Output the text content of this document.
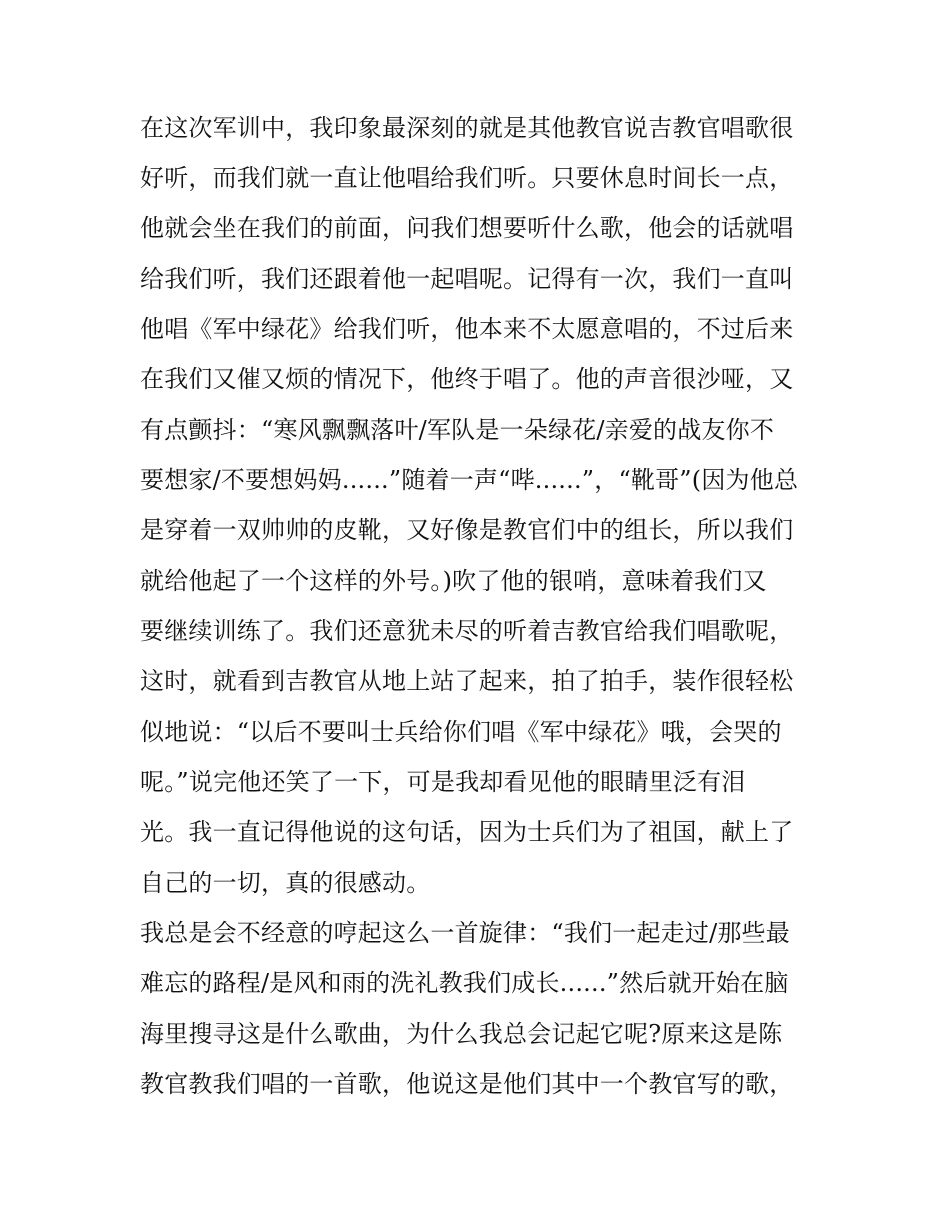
在这次军训中，我印象最深刻的就是其他教官说吉教官唱歌很
好听，而我们就一直让他唱给我们听。只要休息时间长一点，
他就会坐在我们的前面，问我们想要听什么歌，他会的话就唱
给我们听，我们还跟着他一起唱呢。记得有一次，我们一直叫
他唱《军中绿花》给我们听，他本来不太愿意唱的，不过后来
在我们又催又烦的情况下，他终于唱了。他的声音很沙哑，又
有点颤抖：“寒风飘飘落叶/军队是一朵绿花/亲爱的战友你不
要想家/不要想妈妈......”随着一声“哔......”，“靴哥”(因为他总
是穿着一双帅帅的皮靴，又好像是教官们中的组长，所以我们
就给他起了一个这样的外号。)吹了他的银哨，意味着我们又
要继续训练了。我们还意犹未尽的听着吉教官给我们唱歌呢，
这时，就看到吉教官从地上站了起来，拍了拍手，装作很轻松
似地说：“以后不要叫士兵给你们唱《军中绿花》哦，会哭的
呢。”说完他还笑了一下，可是我却看见他的眼睛里泛有泪
光。我一直记得他说的这句话，因为士兵们为了祖国，献上了
自己的一切，真的很感动。
我总是会不经意的哼起这么一首旋律：“我们一起走过/那些最
难忘的路程/是风和雨的洗礼教我们成长......”然后就开始在脑
海里搜寻这是什么歌曲，为什么我总会记起它呢?原来这是陈
教官教我们唱的一首歌，他说这是他们其中一个教官写的歌，
